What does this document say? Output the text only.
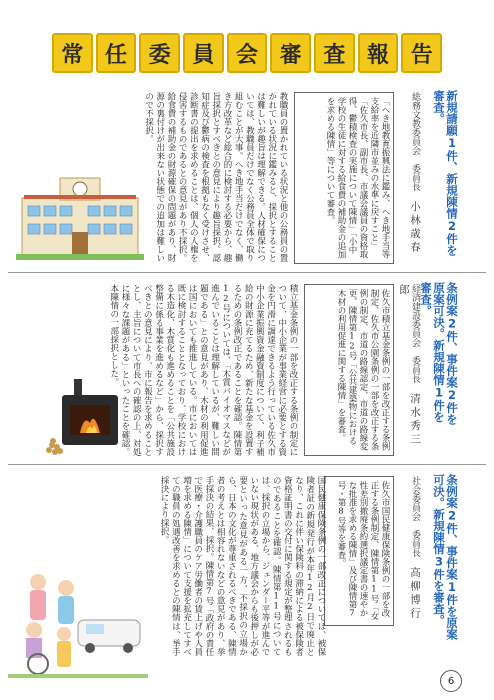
常 任 委 員 会 審 査 報 告
新規請願1件、新規陳情2件を審査。
総務文教委員会　委員長 小林歳春
「へき地教育振興法に鑑み、へき地手当等支給率を近隣市並みの水準に戻すこと」「佐久市長、副市長、市議会議員の資格取得、鬱積検査の実施について陳情」「小中学校の生徒に対する給食費の補助金の追加を求める陳情」等について審査。
教職員の置かれている状況と他の公務員の置かれている状況に鑑みると、採択とすることは難しいが趣旨は理解できる。人材確保については、教職員だけでなく公務員全体で取り組むことが大事。へき地手当だけでなく、働き方改革など総合的に検討する必要から、趣旨採択とすべきとの意見により趣旨採択。認知症及び鬱病の検査を根拠もなく受けさせ、診断書の提出を求めることは、個人の人権を侵害するものであるとの意見があり不採択。給食費の補助金の財源確保の問題があり、財源の裏付けが出来ない状態での追加は難しいので不採択。
条例案2件、事件案2件を原案可決。新規陳情1件を審査。
経済建設委員会　委員長 清水秀三郎
佐久市積立基金条例の一部を改正する条例制定、佐久市公園条例の一部を改正する条例の制定、市道の路線認定、市道の路線変更、陳情第12号「公共建築物における木材の利用促進に関する陳情」を審査。
積立基金条例の一部を改正する条例の制定について、中小企業が事業経営に必要とする資金を円滑に調達できるよう行っている佐久市中小企業振興資金融資制度について、利子補給の財源に充てるため、新たな基金を設置するための条例改正であることを確認。陳情第12号については、「木質バイオマスなどが進んでいることは理解しているが、難しい問題である」との意見があり、木材の利用促進は国においても推進している。市においては既に検討することとなっており、学校における木造化、木質化も進めることを「公共施設整備に係る事業を進めるなど」から、採択すべきとの意見により、市に報告を求めることとし、主旨について市長への確認の上、対処に様々な課題がある」といったことを確認。本陳情の一部採択とした。
条例案2件、事件案1件を原案可決。新規陳情3件を審査。
社会委員会　委員長 高柳博行
佐久市国民健康保険条例の一部を改正する条例制定、陳情第11号「女性差別撤廃条約選択議定書の速やかな批准を求める陳情」及び陳情第7号・第8号等を審査。
国民健康保険条例の一部改正については、被保険者証の新規発行が本年12月2日で廃止となり、これに伴い保険料の滞納による被保険者資格証明書の交付に関する規定が整理されるものであることを確認。陳情第11号については、採択の立場から、ジェンダー平等が進んでいない現状がある、地方議会からも後押しが必要といった意見がある一方、不採択の立場から、日本の文化が尊重されるべきである、陳情者の考えとは相容れないなどの意見があり、挙手採決の結果、採択。陳情第7号「政府の責任で医療・介護職員のケア労働者の賃上げや人員増を求める陳情」について支援を拡充してすべての職員の処遇改善を求めるとの陳情は、挙手採決により採択。
6
